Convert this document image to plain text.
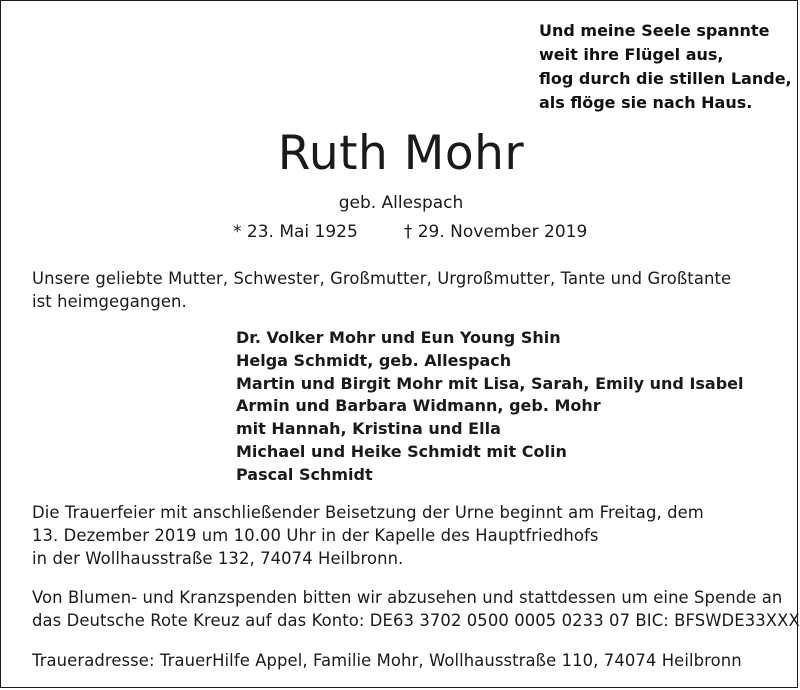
Und meine Seele spannte
weit ihre Flügel aus,
flog durch die stillen Lande,
als flöge sie nach Haus.
Ruth Mohr
geb. Allespach
* 23. Mai 1925	† 29. November 2019
Unsere geliebte Mutter, Schwester, Großmutter, Urgroßmutter, Tante und Großtante
ist heimgegangen.
Dr. Volker Mohr und Eun Young Shin
Helga Schmidt, geb. Allespach
Martin und Birgit Mohr mit Lisa, Sarah, Emily und Isabel
Armin und Barbara Widmann, geb. Mohr
mit Hannah, Kristina und Ella
Michael und Heike Schmidt mit Colin
Pascal Schmidt
Die Trauerfeier mit anschließender Beisetzung der Urne beginnt am Freitag, dem
13. Dezember 2019 um 10.00 Uhr in der Kapelle des Hauptfriedhofs
in der Wollhausstraße 132, 74074 Heilbronn.
Von Blumen- und Kranzspenden bitten wir abzusehen und stattdessen um eine Spende an
das Deutsche Rote Kreuz auf das Konto: DE63 3702 0500 0005 0233 07 BIC: BFSWDE33XXX
Traueradresse: TrauerHilfe Appel, Familie Mohr, Wollhausstraße 110, 74074 Heilbronn
